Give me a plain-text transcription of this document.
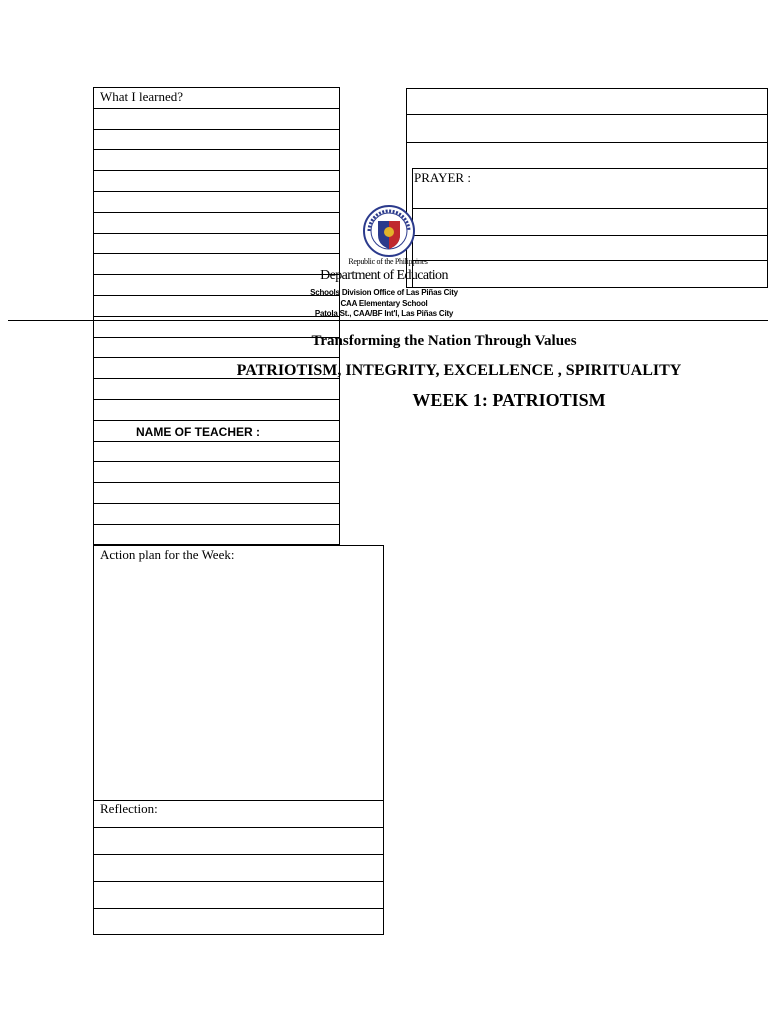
What I learned?
NAME OF TEACHER :
PRAYER :
Republic of the Philippines
Department of Education
Schools Division Office of Las Piñas City
CAA Elementary School
Patola St., CAA/BF Int'l, Las Piñas City
Transforming the Nation Through Values
PATRIOTISM, INTEGRITY, EXCELLENCE , SPIRITUALITY
WEEK 1: PATRIOTISM
Action plan for the Week:
Reflection:
